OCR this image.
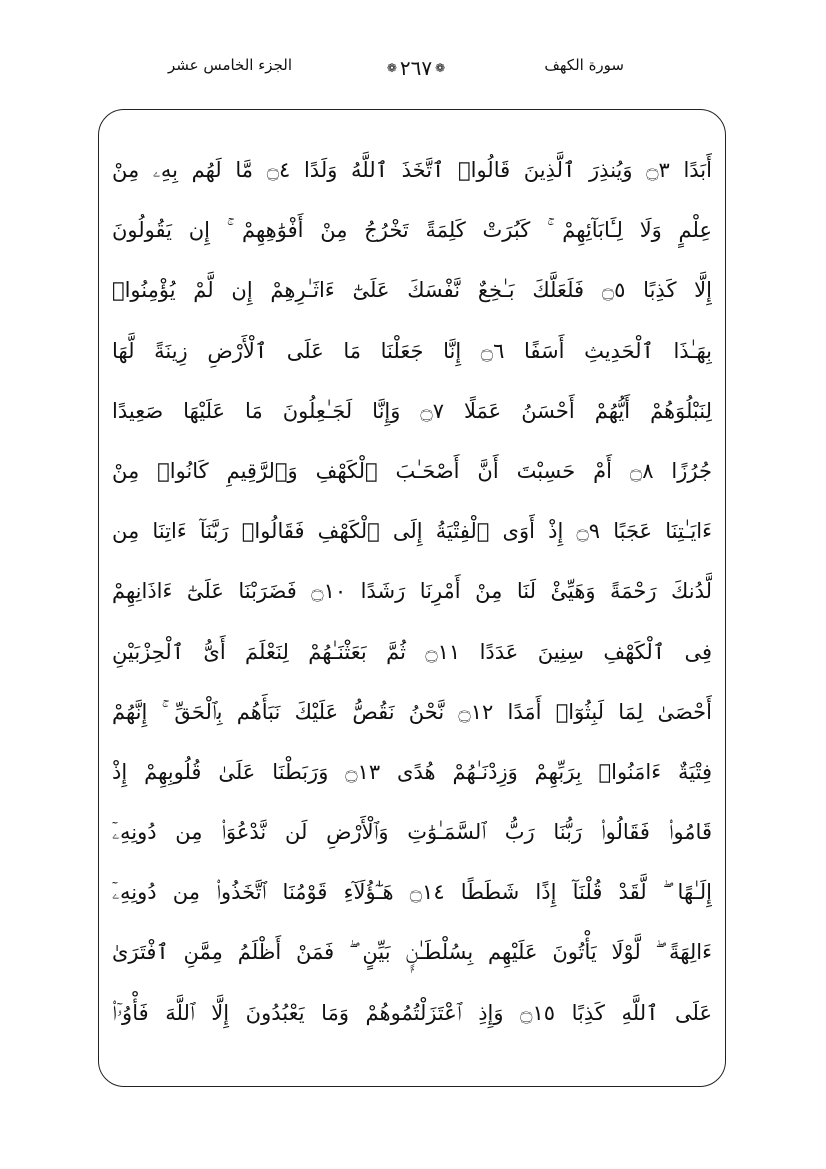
الجزء الخامس عشر	❁ ٢٦٧ ❁	سورة الكهف
أَبَدًا ۝٣ وَيُنذِرَ ٱلَّذِينَ قَالُوا۟ ٱتَّخَذَ ٱللَّهُ وَلَدًا ۝٤ مَّا لَهُم بِهِۦ مِنْ
عِلْمٍ وَلَا لِـَٔابَآئِهِمْ ۚ كَبُرَتْ كَلِمَةً تَخْرُجُ مِنْ أَفْوَٰهِهِمْ ۚ إِن يَقُولُونَ
إِلَّا كَذِبًا ۝٥ فَلَعَلَّكَ بَـٰخِعٌ نَّفْسَكَ عَلَىٰٓ ءَاثَـٰرِهِمْ إِن لَّمْ يُؤْمِنُوا۟
بِهَـٰذَا ٱلْحَدِيثِ أَسَفًا ۝٦ إِنَّا جَعَلْنَا مَا عَلَى ٱلْأَرْضِ زِينَةً لَّهَا
لِنَبْلُوَهُمْ أَيُّهُمْ أَحْسَنُ عَمَلًا ۝٧ وَإِنَّا لَجَـٰعِلُونَ مَا عَلَيْهَا صَعِيدًا
جُرُزًا ۝٨ أَمْ حَسِبْتَ أَنَّ أَصْحَـٰبَ ٱلْكَهْفِ وَٱلرَّقِيمِ كَانُوا۟ مِنْ
ءَايَـٰتِنَا عَجَبًا ۝٩ إِذْ أَوَى ٱلْفِتْيَةُ إِلَى ٱلْكَهْفِ فَقَالُوا۟ رَبَّنَآ ءَاتِنَا مِن
لَّدُنكَ رَحْمَةً وَهَيِّئْ لَنَا مِنْ أَمْرِنَا رَشَدًا ۝١٠ فَضَرَبْنَا عَلَىٰٓ ءَاذَانِهِمْ
فِى ٱلْكَهْفِ سِنِينَ عَدَدًا ۝١١ ثُمَّ بَعَثْنَـٰهُمْ لِنَعْلَمَ أَىُّ ٱلْحِزْبَيْنِ
أَحْصَىٰ لِمَا لَبِثُوٓا۟ أَمَدًا ۝١٢ نَّحْنُ نَقُصُّ عَلَيْكَ نَبَأَهُم بِٱلْحَقِّ ۚ إِنَّهُمْ
فِتْيَةٌ ءَامَنُوا۟ بِرَبِّهِمْ وَزِدْنَـٰهُمْ هُدًى ۝١٣ وَرَبَطْنَا عَلَىٰ قُلُوبِهِمْ إِذْ
قَامُوا۟ فَقَالُوا۟ رَبُّنَا رَبُّ ٱلسَّمَـٰوَٰتِ وَٱلْأَرْضِ لَن نَّدْعُوَا۟ مِن دُونِهِۦٓ
إِلَـٰهًا ۖ لَّقَدْ قُلْنَآ إِذًا شَطَطًا ۝١٤ هَـٰٓؤُلَآءِ قَوْمُنَا ٱتَّخَذُوا۟ مِن دُونِهِۦٓ
ءَالِهَةً ۖ لَّوْلَا يَأْتُونَ عَلَيْهِم بِسُلْطَـٰنٍۭ بَيِّنٍ ۖ فَمَنْ أَظْلَمُ مِمَّنِ ٱفْتَرَىٰ
عَلَى ٱللَّهِ كَذِبًا ۝١٥ وَإِذِ ٱعْتَزَلْتُمُوهُمْ وَمَا يَعْبُدُونَ إِلَّا ٱللَّهَ فَأْوُۥٓا۟
